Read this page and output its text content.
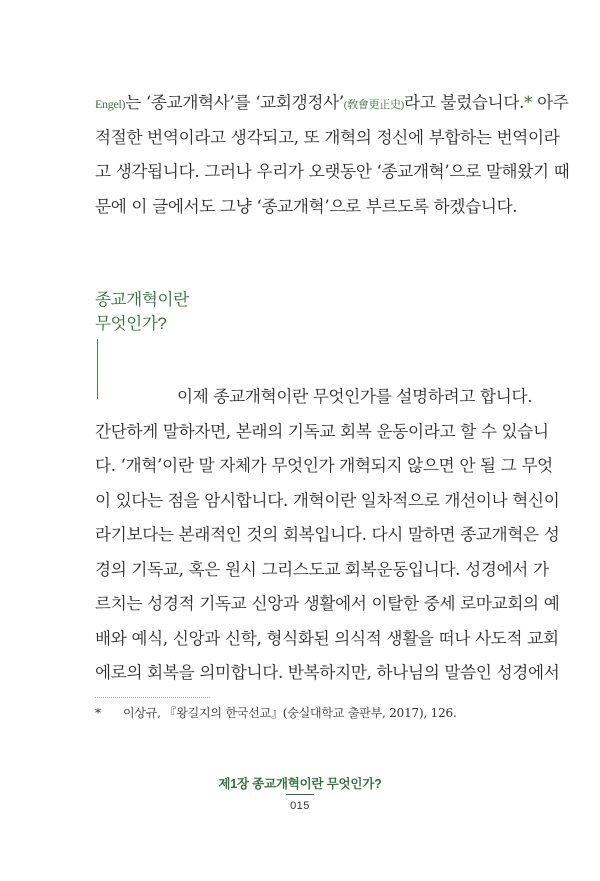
Engel)는 ‘종교개혁사’를 ‘교회갱정사’(敎會更正史)라고 불렀습니다.* 아주
적절한 번역이라고 생각되고, 또 개혁의 정신에 부합하는 번역이라
고 생각됩니다. 그러나 우리가 오랫동안 ‘종교개혁’으로 말해왔기 때
문에 이 글에서도 그냥 ‘종교개혁’으로 부르도록 하겠습니다.
종교개혁이란
무엇인가?
이제 종교개혁이란 무엇인가를 설명하려고 합니다.
간단하게 말하자면, 본래의 기독교 회복 운동이라고 할 수 있습니
다. ‘개혁’이란 말 자체가 무엇인가 개혁되지 않으면 안 될 그 무엇
이 있다는 점을 암시합니다. 개혁이란 일차적으로 개선이나 혁신이
라기보다는 본래적인 것의 회복입니다. 다시 말하면 종교개혁은 성
경의 기독교, 혹은 원시 그리스도교 회복운동입니다. 성경에서 가
르치는 성경적 기독교 신앙과 생활에서 이탈한 중세 로마교회의 예
배와 예식, 신앙과 신학, 형식화된 의식적 생활을 떠나 사도적 교회
에로의 회복을 의미합니다. 반복하지만, 하나님의 말씀인 성경에서
* 이상규, 『왕길지의 한국선교』(숭실대학교 출판부, 2017), 126.
제1장 종교개혁이란 무엇인가?
015
